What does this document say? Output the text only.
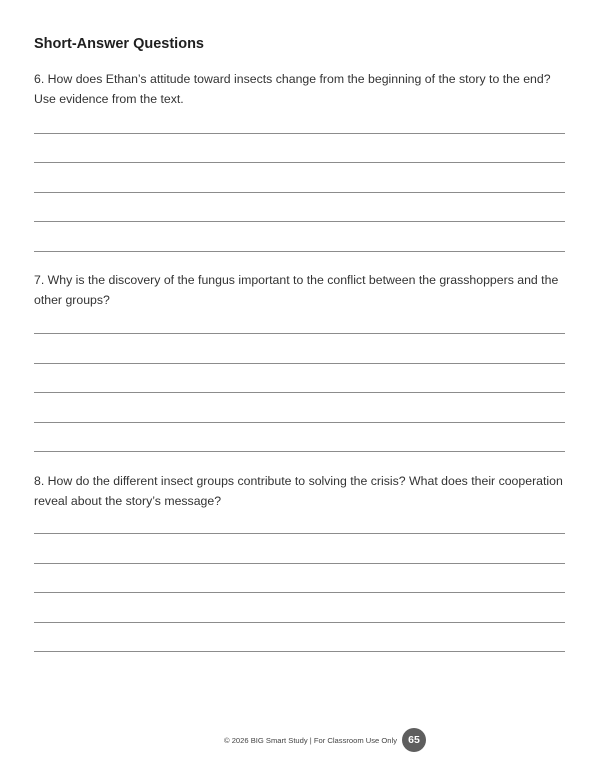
Short-Answer Questions

6. How does Ethan’s attitude toward insects change from the beginning of the story to the end? Use evidence from the text.

7. Why is the discovery of the fungus important to the conflict between the grasshoppers and the other groups?

8. How do the different insect groups contribute to solving the crisis? What does their cooperation reveal about the story’s message?

© 2026 BIG Smart Study | For Classroom Use Only	65
